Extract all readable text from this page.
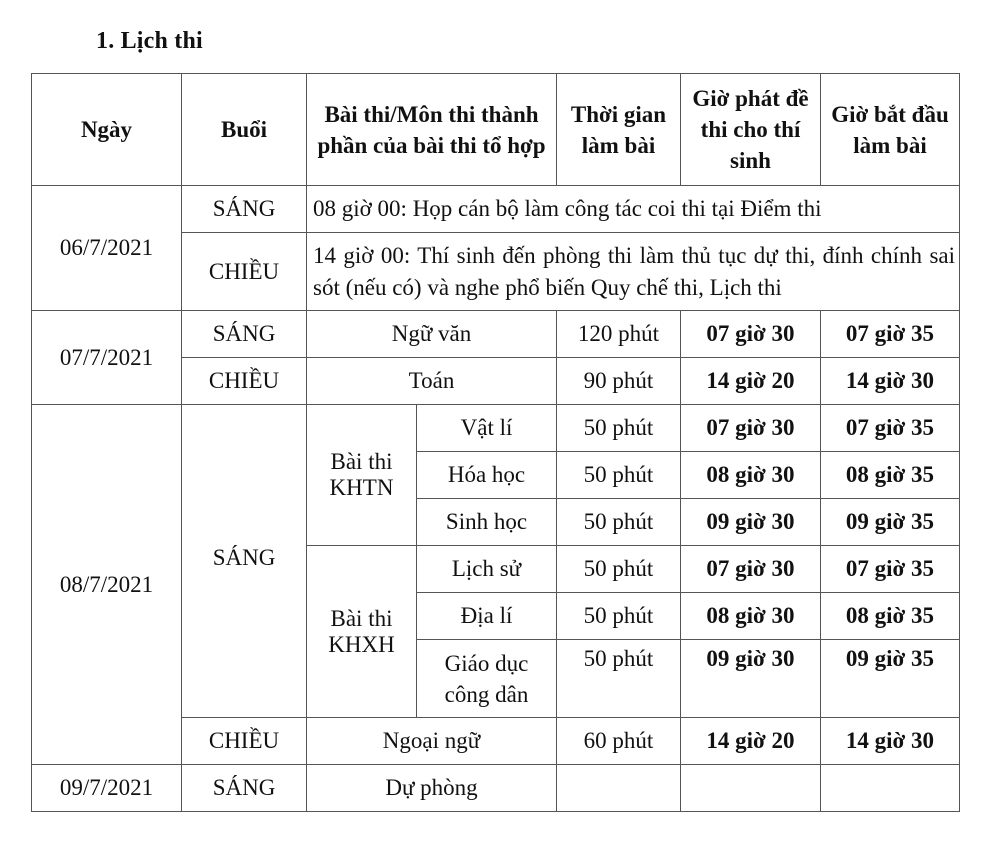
1. Lịch thi
Ngày	Buổi	Bài thi/Môn thi thành phần của bài thi tổ hợp		Thời gian làm bài	Giờ phát đề thi cho thí sinh	Giờ bắt đầu làm bài
06/7/2021	SÁNG	08 giờ 00: Họp cán bộ làm công tác coi thi tại Điểm thi				
	CHIỀU	14 giờ 00: Thí sinh đến phòng thi làm thủ tục dự thi, đính chính sai sót (nếu có) và nghe phổ biến Quy chế thi, Lịch thi				
07/7/2021	SÁNG	Ngữ văn		120 phút	07 giờ 30	07 giờ 35
	CHIỀU	Toán		90 phút	14 giờ 20	14 giờ 30
08/7/2021	SÁNG	Bài thi KHTN	Vật lí	50 phút	07 giờ 30	07 giờ 35
			Hóa học	50 phút	08 giờ 30	08 giờ 35
			Sinh học	50 phút	09 giờ 30	09 giờ 35
		Bài thi KHXH	Lịch sử	50 phút	07 giờ 30	07 giờ 35
			Địa lí	50 phút	08 giờ 30	08 giờ 35
			Giáo dục công dân	50 phút	09 giờ 30	09 giờ 35
	CHIỀU	Ngoại ngữ		60 phút	14 giờ 20	14 giờ 30
09/7/2021	SÁNG	Dự phòng				
